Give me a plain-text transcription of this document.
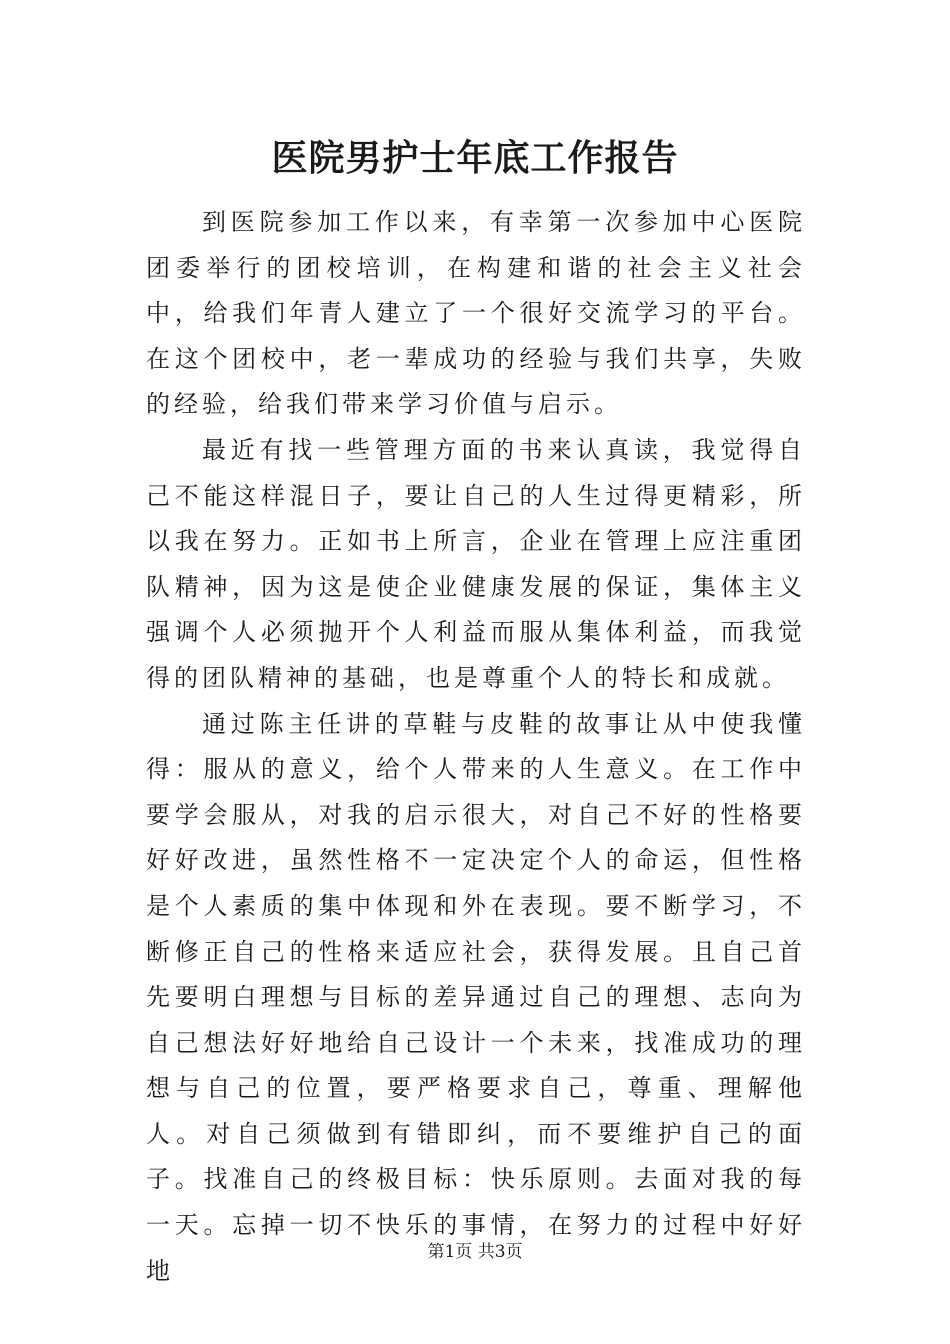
医院男护士年底工作报告

到医院参加工作以来，有幸第一次参加中心医院团委举行的团校培训，在构建和谐的社会主义社会中，给我们年青人建立了一个很好交流学习的平台。在这个团校中，老一辈成功的经验与我们共享，失败的经验，给我们带来学习价值与启示。

最近有找一些管理方面的书来认真读，我觉得自己不能这样混日子，要让自己的人生过得更精彩，所以我在努力。正如书上所言，企业在管理上应注重团队精神，因为这是使企业健康发展的保证，集体主义强调个人必须抛开个人利益而服从集体利益，而我觉得的团队精神的基础，也是尊重个人的特长和成就。

通过陈主任讲的草鞋与皮鞋的故事让从中使我懂得：服从的意义，给个人带来的人生意义。在工作中要学会服从，对我的启示很大，对自己不好的性格要好好改进，虽然性格不一定决定个人的命运，但性格是个人素质的集中体现和外在表现。要不断学习，不断修正自己的性格来适应社会，获得发展。且自己首先要明白理想与目标的差异通过自己的理想、志向为自己想法好好地给自己设计一个未来，找准成功的理想与自己的位置，要严格要求自己，尊重、理解他人。对自己须做到有错即纠，而不要维护自己的面子。找准自己的终极目标：快乐原则。去面对我的每一天。忘掉一切不快乐的事情，在努力的过程中好好地

第1页 共3页
